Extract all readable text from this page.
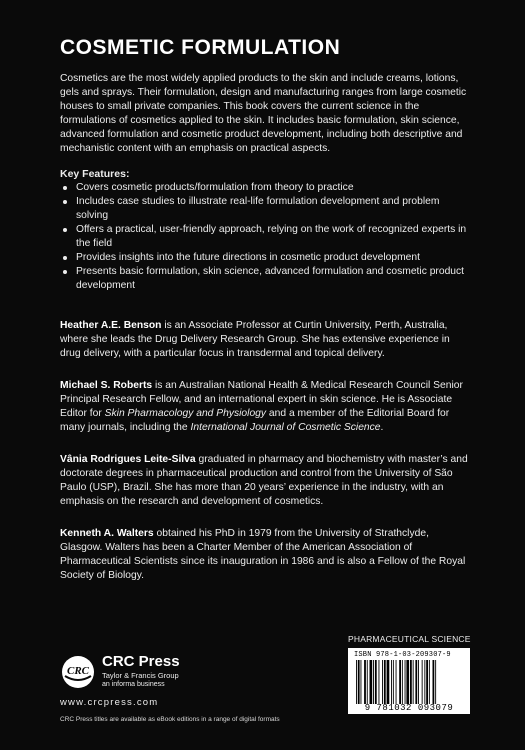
COSMETIC FORMULATION

Cosmetics are the most widely applied products to the skin and include creams, lotions, gels and sprays. Their formulation, design and manufacturing ranges from large cosmetic houses to small private companies. This book covers the current science in the formulations of cosmetics applied to the skin. It includes basic formulation, skin science, advanced formulation and cosmetic product development, including both descriptive and mechanistic content with an emphasis on practical aspects.

Key Features:

Covers cosmetic products/formulation from theory to practice
Includes case studies to illustrate real-life formulation development and problem solving
Offers a practical, user-friendly approach, relying on the work of recognized experts in the field
Provides insights into the future directions in cosmetic product development
Presents basic formulation, skin science, advanced formulation and cosmetic product development

Heather A.E. Benson is an Associate Professor at Curtin University, Perth, Australia, where she leads the Drug Delivery Research Group. She has extensive experience in drug delivery, with a particular focus in transdermal and topical delivery.

Michael S. Roberts is an Australian National Health & Medical Research Council Senior Principal Research Fellow, and an international expert in skin science. He is Associate Editor for Skin Pharmacology and Physiology and a member of the Editorial Board for many journals, including the International Journal of Cosmetic Science.

Vânia Rodrigues Leite-Silva graduated in pharmacy and biochemistry with master’s and doctorate degrees in pharmaceutical production and control from the University of São Paulo (USP), Brazil. She has more than 20 years’ experience in the industry, with an emphasis on the research and development of cosmetics.

Kenneth A. Walters obtained his PhD in 1979 from the University of Strathclyde, Glasgow. Walters has been a Charter Member of the American Association of Pharmaceutical Scientists since its inauguration in 1986 and is also a Fellow of the Royal Society of Biology.

PHARMACEUTICAL SCIENCE
ISBN 978-1-03-209307-9
9 781032 093079
CRC
CRC Press
Taylor & Francis Group
an informa business
www.crcpress.com
CRC Press titles are available as eBook editions in a range of digital formats
